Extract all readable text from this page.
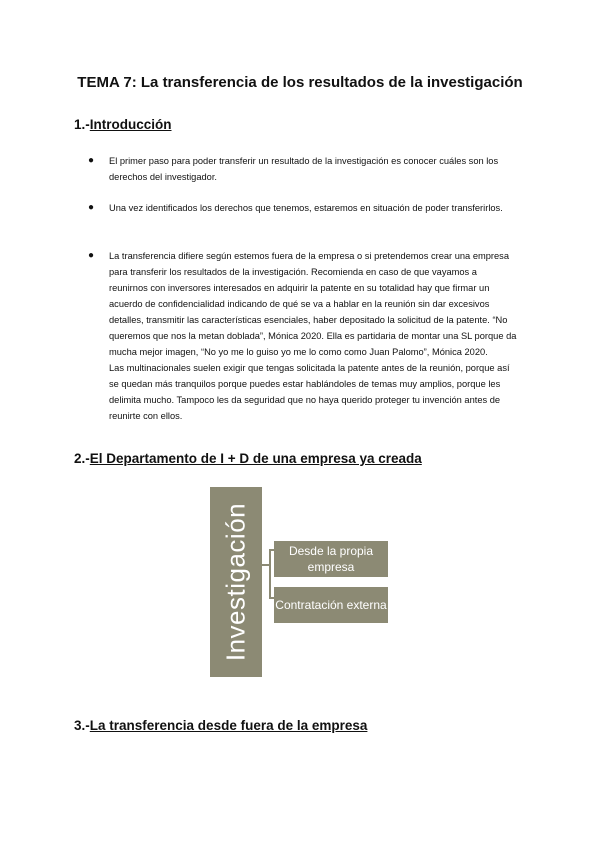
TEMA 7: La transferencia de los resultados de la investigación
1.-Introducción
● El primer paso para poder transferir un resultado de la investigación es conocer cuáles son los derechos del investigador.
● Una vez identificados los derechos que tenemos, estaremos en situación de poder transferirlos.
● La transferencia difiere según estemos fuera de la empresa o si pretendemos crear una empresa para transferir los resultados de la investigación. Recomienda en caso de que vayamos a reunirnos con inversores interesados en adquirir la patente en su totalidad hay que firmar un acuerdo de confidencialidad indicando de qué se va a hablar en la reunión sin dar excesivos detalles, transmitir las características esenciales, haber depositado la solicitud de la patente. “No queremos que nos la metan doblada”, Mónica 2020. Ella es partidaria de montar una SL porque da mucha mejor imagen, “No yo me lo guiso yo me lo como como Juan Palomo”, Mónica 2020.
Las multinacionales suelen exigir que tengas solicitada la patente antes de la reunión, porque así se quedan más tranquilos porque puedes estar hablándoles de temas muy amplios, porque les delimita mucho. Tampoco les da seguridad que no haya querido proteger tu invención antes de reunirte con ellos.
2.-El Departamento de I + D de una empresa ya creada
Investigación	Desde la propia empresa
Contratación externa
3.-La transferencia desde fuera de la empresa
